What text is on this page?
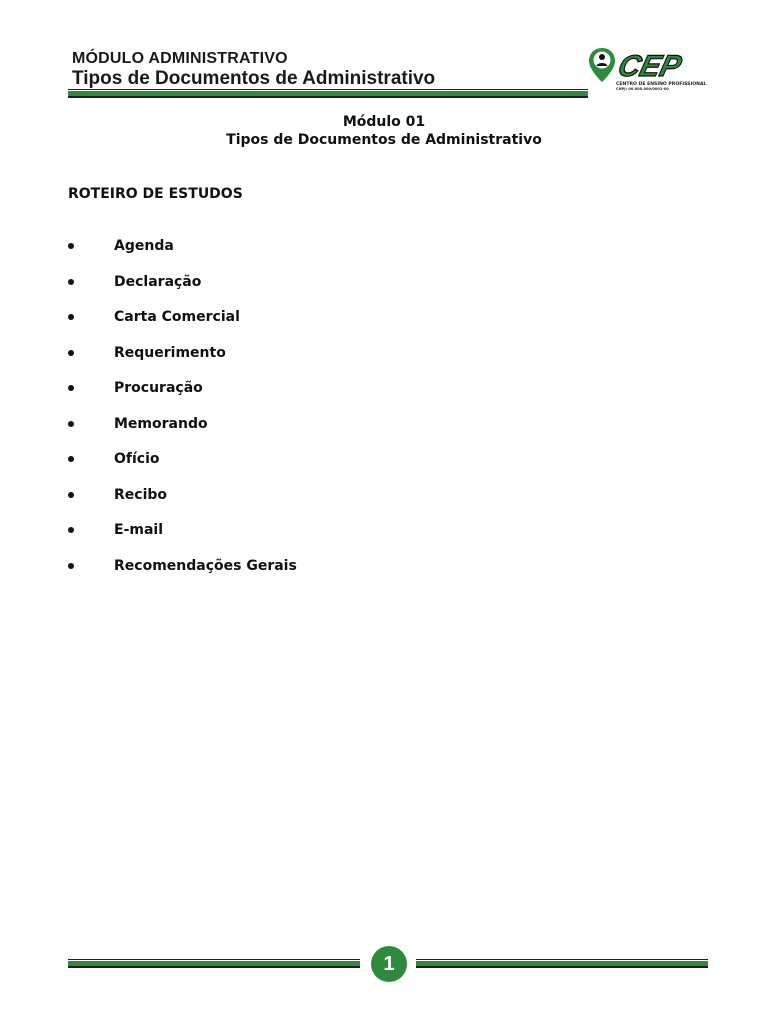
MÓDULO ADMINISTRATIVO
Tipos de Documentos de Administrativo	CEP
CENTRO DE ENSINO PROFISSIONAL
CNPJ: 00.000.000/0001-00
Módulo 01
Tipos de Documentos de Administrativo
ROTEIRO DE ESTUDOS
Agenda
Declaração
Carta Comercial
Requerimento
Procuração
Memorando
Ofício
Recibo
E-mail
Recomendações Gerais
1
